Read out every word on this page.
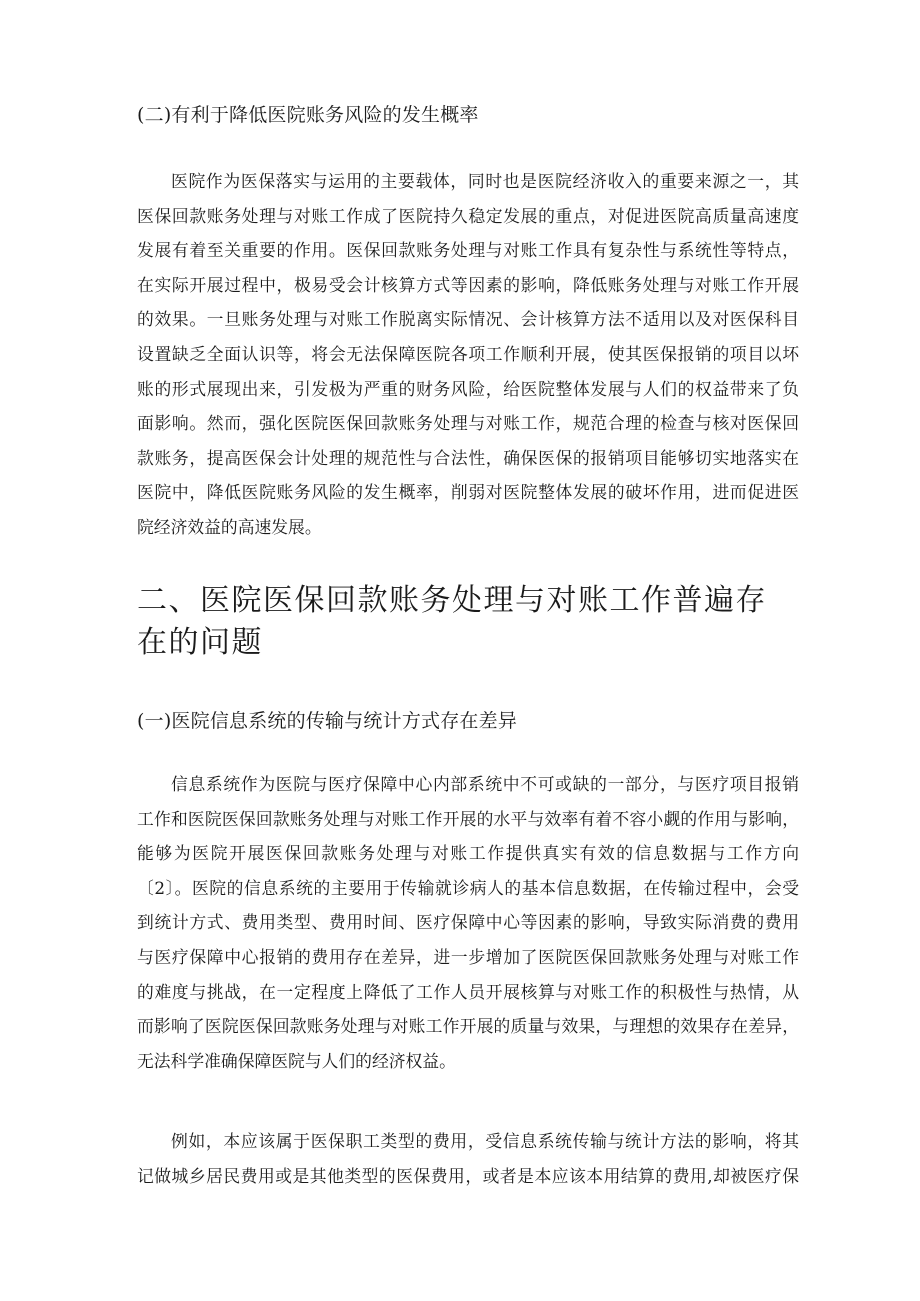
(二)有利于降低医院账务风险的发生概率
医院作为医保落实与运用的主要载体，同时也是医院经济收入的重要来源之一，其
医保回款账务处理与对账工作成了医院持久稳定发展的重点，对促进医院高质量高速度
发展有着至关重要的作用。医保回款账务处理与对账工作具有复杂性与系统性等特点，
在实际开展过程中，极易受会计核算方式等因素的影响，降低账务处理与对账工作开展
的效果。一旦账务处理与对账工作脱离实际情况、会计核算方法不适用以及对医保科目
设置缺乏全面认识等，将会无法保障医院各项工作顺利开展，使其医保报销的项目以坏
账的形式展现出来，引发极为严重的财务风险，给医院整体发展与人们的权益带来了负
面影响。然而，强化医院医保回款账务处理与对账工作，规范合理的检查与核对医保回
款账务，提高医保会计处理的规范性与合法性，确保医保的报销项目能够切实地落实在
医院中，降低医院账务风险的发生概率，削弱对医院整体发展的破坏作用，进而促进医
院经济效益的高速发展。
二、医院医保回款账务处理与对账工作普遍存在的问题
(一)医院信息系统的传输与统计方式存在差异
信息系统作为医院与医疗保障中心内部系统中不可或缺的一部分，与医疗项目报销
工作和医院医保回款账务处理与对账工作开展的水平与效率有着不容小觑的作用与影响，
能够为医院开展医保回款账务处理与对账工作提供真实有效的信息数据与工作方向
〔2〕。医院的信息系统的主要用于传输就诊病人的基本信息数据，在传输过程中，会受
到统计方式、费用类型、费用时间、医疗保障中心等因素的影响，导致实际消费的费用
与医疗保障中心报销的费用存在差异，进一步增加了医院医保回款账务处理与对账工作
的难度与挑战，在一定程度上降低了工作人员开展核算与对账工作的积极性与热情，从
而影响了医院医保回款账务处理与对账工作开展的质量与效果，与理想的效果存在差异，
无法科学准确保障医院与人们的经济权益。
例如，本应该属于医保职工类型的费用，受信息系统传输与统计方法的影响，将其
记做城乡居民费用或是其他类型的医保费用，或者是本应该本用结算的费用,却被医疗保
